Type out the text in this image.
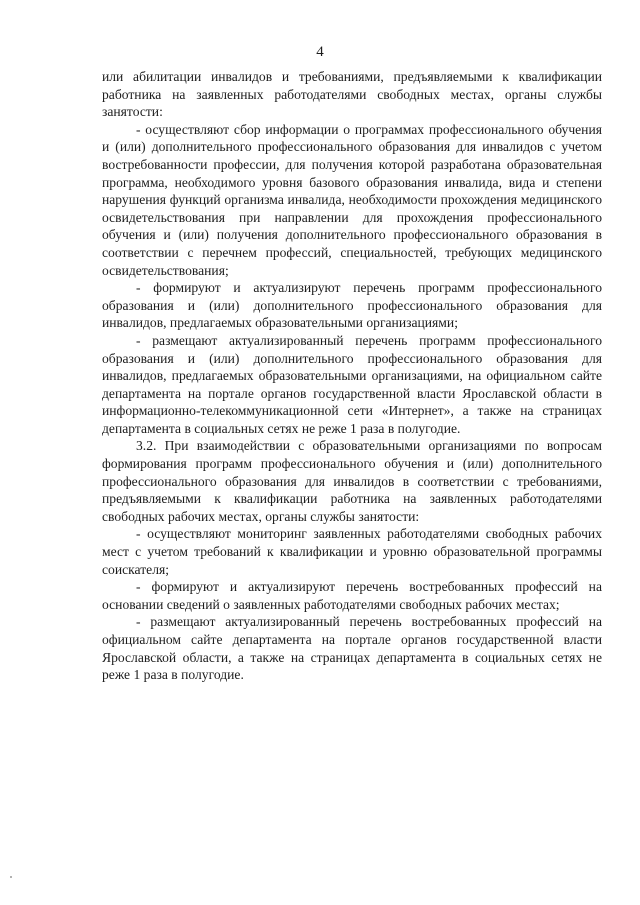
4

или абилитации инвалидов и требованиями, предъявляемыми к квалификации работника на заявленных работодателями свободных местах, органы службы занятости:

- осуществляют сбор информации о программах профессионального обучения и (или) дополнительного профессионального образования для инвалидов с учетом востребованности профессии, для получения которой разработана образовательная программа, необходимого уровня базового образования инвалида, вида и степени нарушения функций организма инвалида, необходимости прохождения медицинского освидетельствования при направлении для прохождения профессионального обучения и (или) получения дополнительного профессионального образования в соответствии с перечнем профессий, специальностей, требующих медицинского освидетельствования;

- формируют и актуализируют перечень программ профессионального образования и (или) дополнительного профессионального образования для инвалидов, предлагаемых образовательными организациями;

- размещают актуализированный перечень программ профессионального образования и (или) дополнительного профессионального образования для инвалидов, предлагаемых образовательными организациями, на официальном сайте департамента на портале органов государственной власти Ярославской области в информационно-телекоммуникационной сети «Интернет», а также на страницах департамента в социальных сетях не реже 1 раза в полугодие.

3.2. При взаимодействии с образовательными организациями по вопросам формирования программ профессионального обучения и (или) дополнительного профессионального образования для инвалидов в соответствии с требованиями, предъявляемыми к квалификации работника на заявленных работодателями свободных рабочих местах, органы службы занятости:

- осуществляют мониторинг заявленных работодателями свободных рабочих мест с учетом требований к квалификации и уровню образовательной программы соискателя;

- формируют и актуализируют перечень востребованных профессий на основании сведений о заявленных работодателями свободных рабочих местах;

- размещают актуализированный перечень востребованных профессий на официальном сайте департамента на портале органов государственной власти Ярославской области, а также на страницах департамента в социальных сетях не реже 1 раза в полугодие.
